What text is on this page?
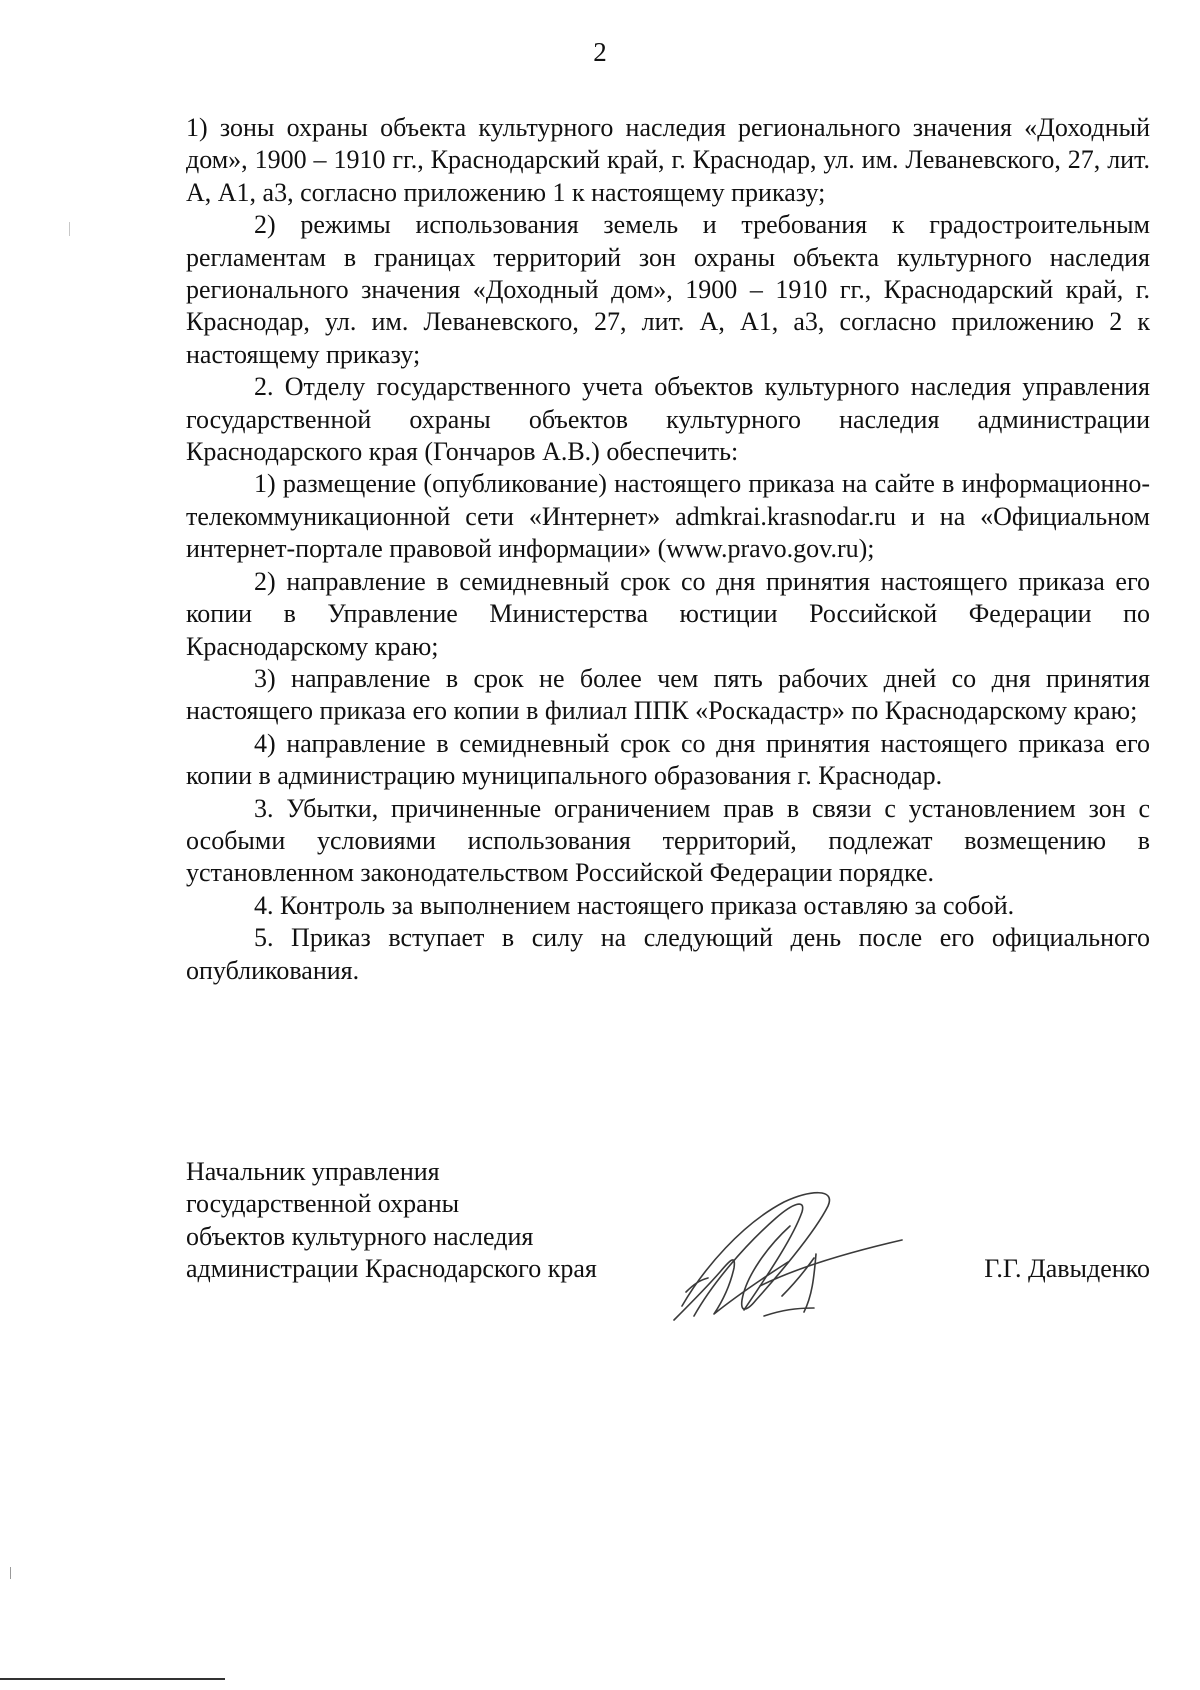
2

1) зоны охраны объекта культурного наследия регионального значения «Доходный дом», 1900 – 1910 гг., Краснодарский край, г. Краснодар, ул. им. Леваневского, 27, лит. А, А1, а3, согласно приложению 1 к настоящему приказу;

2) режимы использования земель и требования к градостроительным регламентам в границах территорий зон охраны объекта культурного наследия регионального значения «Доходный дом», 1900 – 1910 гг., Краснодарский край, г. Краснодар, ул. им. Леваневского, 27, лит. А, А1, а3, согласно приложению 2 к настоящему приказу;

2. Отделу государственного учета объектов культурного наследия управления государственной охраны объектов культурного наследия администрации Краснодарского края (Гончаров А.В.) обеспечить:

1) размещение (опубликование) настоящего приказа на сайте в информационно-телекоммуникационной сети «Интернет» admkrai.krasnodar.ru и на «Официальном интернет-портале правовой информации» (www.pravo.gov.ru);

2) направление в семидневный срок со дня принятия настоящего приказа его копии в Управление Министерства юстиции Российской Федерации по Краснодарскому краю;

3) направление в срок не более чем пять рабочих дней со дня принятия настоящего приказа его копии в филиал ППК «Роскадастр» по Краснодарскому краю;

4) направление в семидневный срок со дня принятия настоящего приказа его копии в администрацию муниципального образования г. Краснодар.

3. Убытки, причиненные ограничением прав в связи с установлением зон с особыми условиями использования территорий, подлежат возмещению в установленном законодательством Российской Федерации порядке.

4. Контроль за выполнением настоящего приказа оставляю за собой.

5. Приказ вступает в силу на следующий день после его официального опубликования.

Начальник управления
государственной охраны
объектов культурного наследия
администрации Краснодарского края	Г.Г. Давыденко
